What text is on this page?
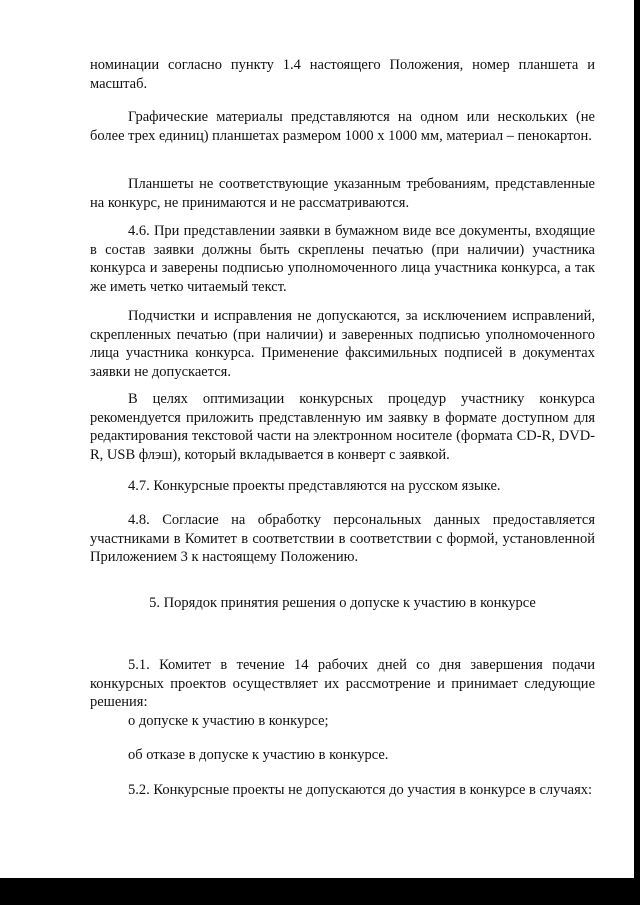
номинации согласно пункту 1.4 настоящего Положения, номер планшета и масштаб.

Графические материалы представляются на одном или нескольких (не более трех единиц) планшетах размером 1000 х 1000 мм, материал – пенокартон.

Планшеты не соответствующие указанным требованиям, представленные на конкурс, не принимаются и не рассматриваются.

4.6. При представлении заявки в бумажном виде все документы, входящие в состав заявки должны быть скреплены печатью (при наличии) участника конкурса и заверены подписью уполномоченного лица участника конкурса, а так же иметь четко читаемый текст.

Подчистки и исправления не допускаются, за исключением исправлений, скрепленных печатью (при наличии) и заверенных подписью уполномоченного лица участника конкурса. Применение факсимильных подписей в документах заявки не допускается.

В целях оптимизации конкурсных процедур участнику конкурса рекомендуется приложить представленную им заявку в формате доступном для редактирования текстовой части на электронном носителе (формата CD-R, DVD-R, USB флэш), который вкладывается в конверт с заявкой.

4.7. Конкурсные проекты представляются на русском языке.

4.8. Согласие на обработку персональных данных предоставляется участниками в Комитет в соответствии в соответствии с формой, установленной Приложением 3 к настоящему Положению.

5. Порядок принятия решения о допуске к участию в конкурсе

5.1. Комитет в течение 14 рабочих дней со дня завершения подачи конкурсных проектов осуществляет их рассмотрение и принимает следующие решения:

о допуске к участию в конкурсе;

об отказе в допуске к участию в конкурсе.

5.2. Конкурсные проекты не допускаются до участия в конкурсе в случаях:
